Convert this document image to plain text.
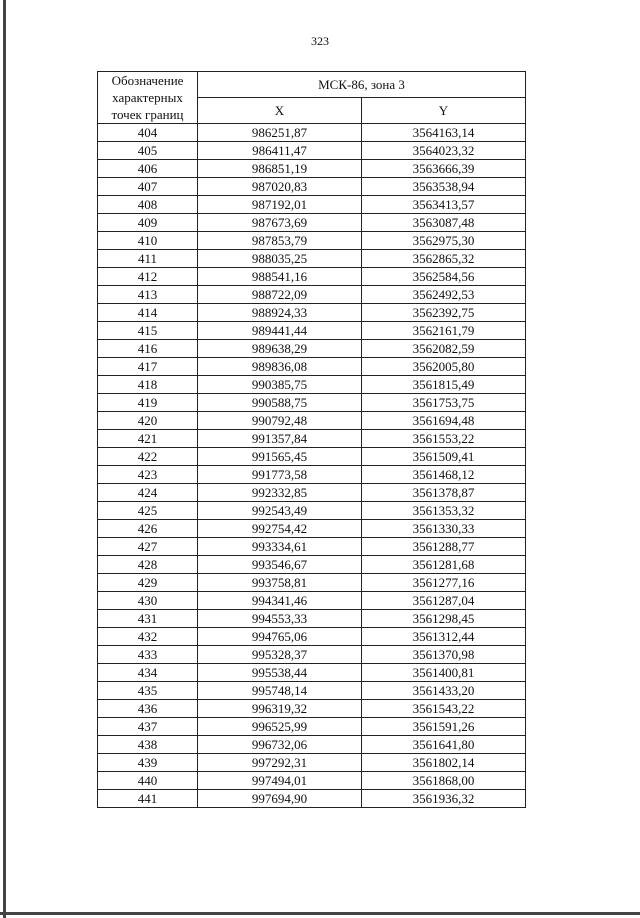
323
Обозначение
характерных
точек границ	МСК-86, зона 3	
	X	Y
404	986251,87	3564163,14
405	986411,47	3564023,32
406	986851,19	3563666,39
407	987020,83	3563538,94
408	987192,01	3563413,57
409	987673,69	3563087,48
410	987853,79	3562975,30
411	988035,25	3562865,32
412	988541,16	3562584,56
413	988722,09	3562492,53
414	988924,33	3562392,75
415	989441,44	3562161,79
416	989638,29	3562082,59
417	989836,08	3562005,80
418	990385,75	3561815,49
419	990588,75	3561753,75
420	990792,48	3561694,48
421	991357,84	3561553,22
422	991565,45	3561509,41
423	991773,58	3561468,12
424	992332,85	3561378,87
425	992543,49	3561353,32
426	992754,42	3561330,33
427	993334,61	3561288,77
428	993546,67	3561281,68
429	993758,81	3561277,16
430	994341,46	3561287,04
431	994553,33	3561298,45
432	994765,06	3561312,44
433	995328,37	3561370,98
434	995538,44	3561400,81
435	995748,14	3561433,20
436	996319,32	3561543,22
437	996525,99	3561591,26
438	996732,06	3561641,80
439	997292,31	3561802,14
440	997494,01	3561868,00
441	997694,90	3561936,32
